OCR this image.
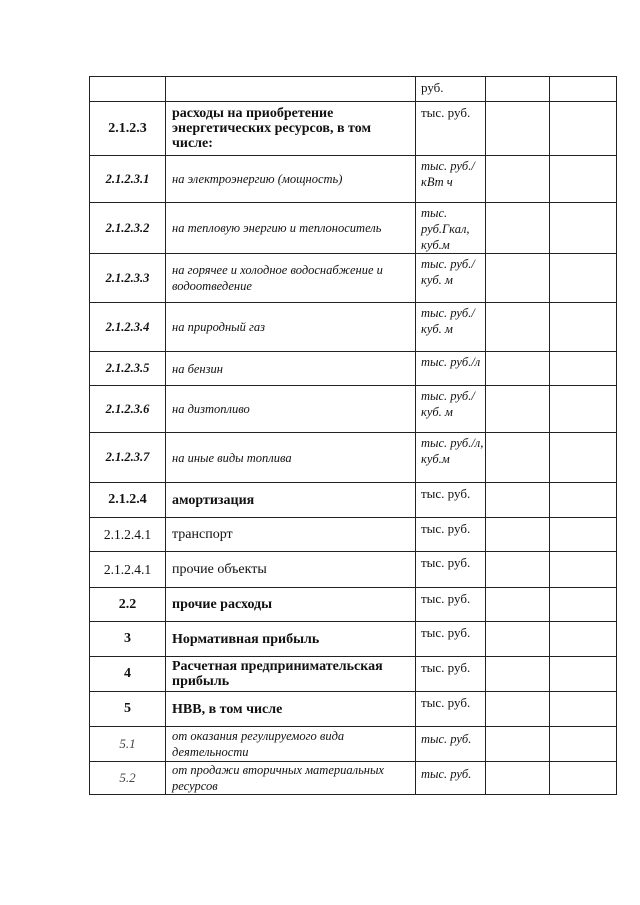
		руб.		
2.1.2.3	расходы на приобретение энергетических ресурсов, в том числе:	тыс. руб.		
2.1.2.3.1	на электроэнергию (мощность)	тыс. руб./кВт ч		
2.1.2.3.2	на тепловую энергию и теплоноситель	тыс. руб.Гкал, куб.м		
2.1.2.3.3	на горячее и холодное водоснабжение и водоотведение	тыс. руб./куб. м		
2.1.2.3.4	на природный газ	тыс. руб./куб. м		
2.1.2.3.5	на бензин	тыс. руб./л		
2.1.2.3.6	на дизтопливо	тыс. руб./куб. м		
2.1.2.3.7	на иные виды топлива	тыс. руб./л, куб.м		
2.1.2.4	амортизация	тыс. руб.		
2.1.2.4.1	транспорт	тыс. руб.		
2.1.2.4.1	прочие объекты	тыс. руб.		
2.2	прочие расходы	тыс. руб.		
3	Нормативная прибыль	тыс. руб.		
4	Расчетная предпринимательская прибыль	тыс. руб.		
5	НВВ, в том числе	тыс. руб.		
5.1	от оказания регулируемого вида деятельности	тыс. руб.		
5.2	от продажи вторичных материальных ресурсов	тыс. руб.		
